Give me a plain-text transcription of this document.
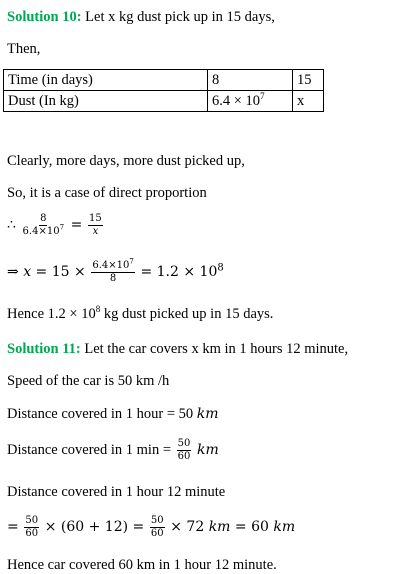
Solution 10: Let x kg dust pick up in 15 days,
Then,
Time (in days)	8	15
Dust (In kg)	$6.4 \times 10^7$	x
Clearly, more days, more dust picked up,
So, it is a case of direct proportion
∴ $\frac{8}{6.4\times 10^7} = \frac{15}{x}$
⇒ $x = 15 \times \frac{6.4\times 10^7}{8} = 1.2 \times 10^8$
Hence $1.2 \times 10^8$ kg dust picked up in 15 days.
Solution 11: Let the car covers x km in 1 hours 12 minute,
Speed of the car is 50 km /h
Distance covered in 1 hour = 50 km
Distance covered in 1 $\min = \frac{50}{60}$ km
Distance covered in 1 hour 12 minute
= $\frac{50}{60} \times (60 + 12) = \frac{50}{60} \times 72$ km = 60 km
Hence car covered 60 km in 1 hour 12 minute.
